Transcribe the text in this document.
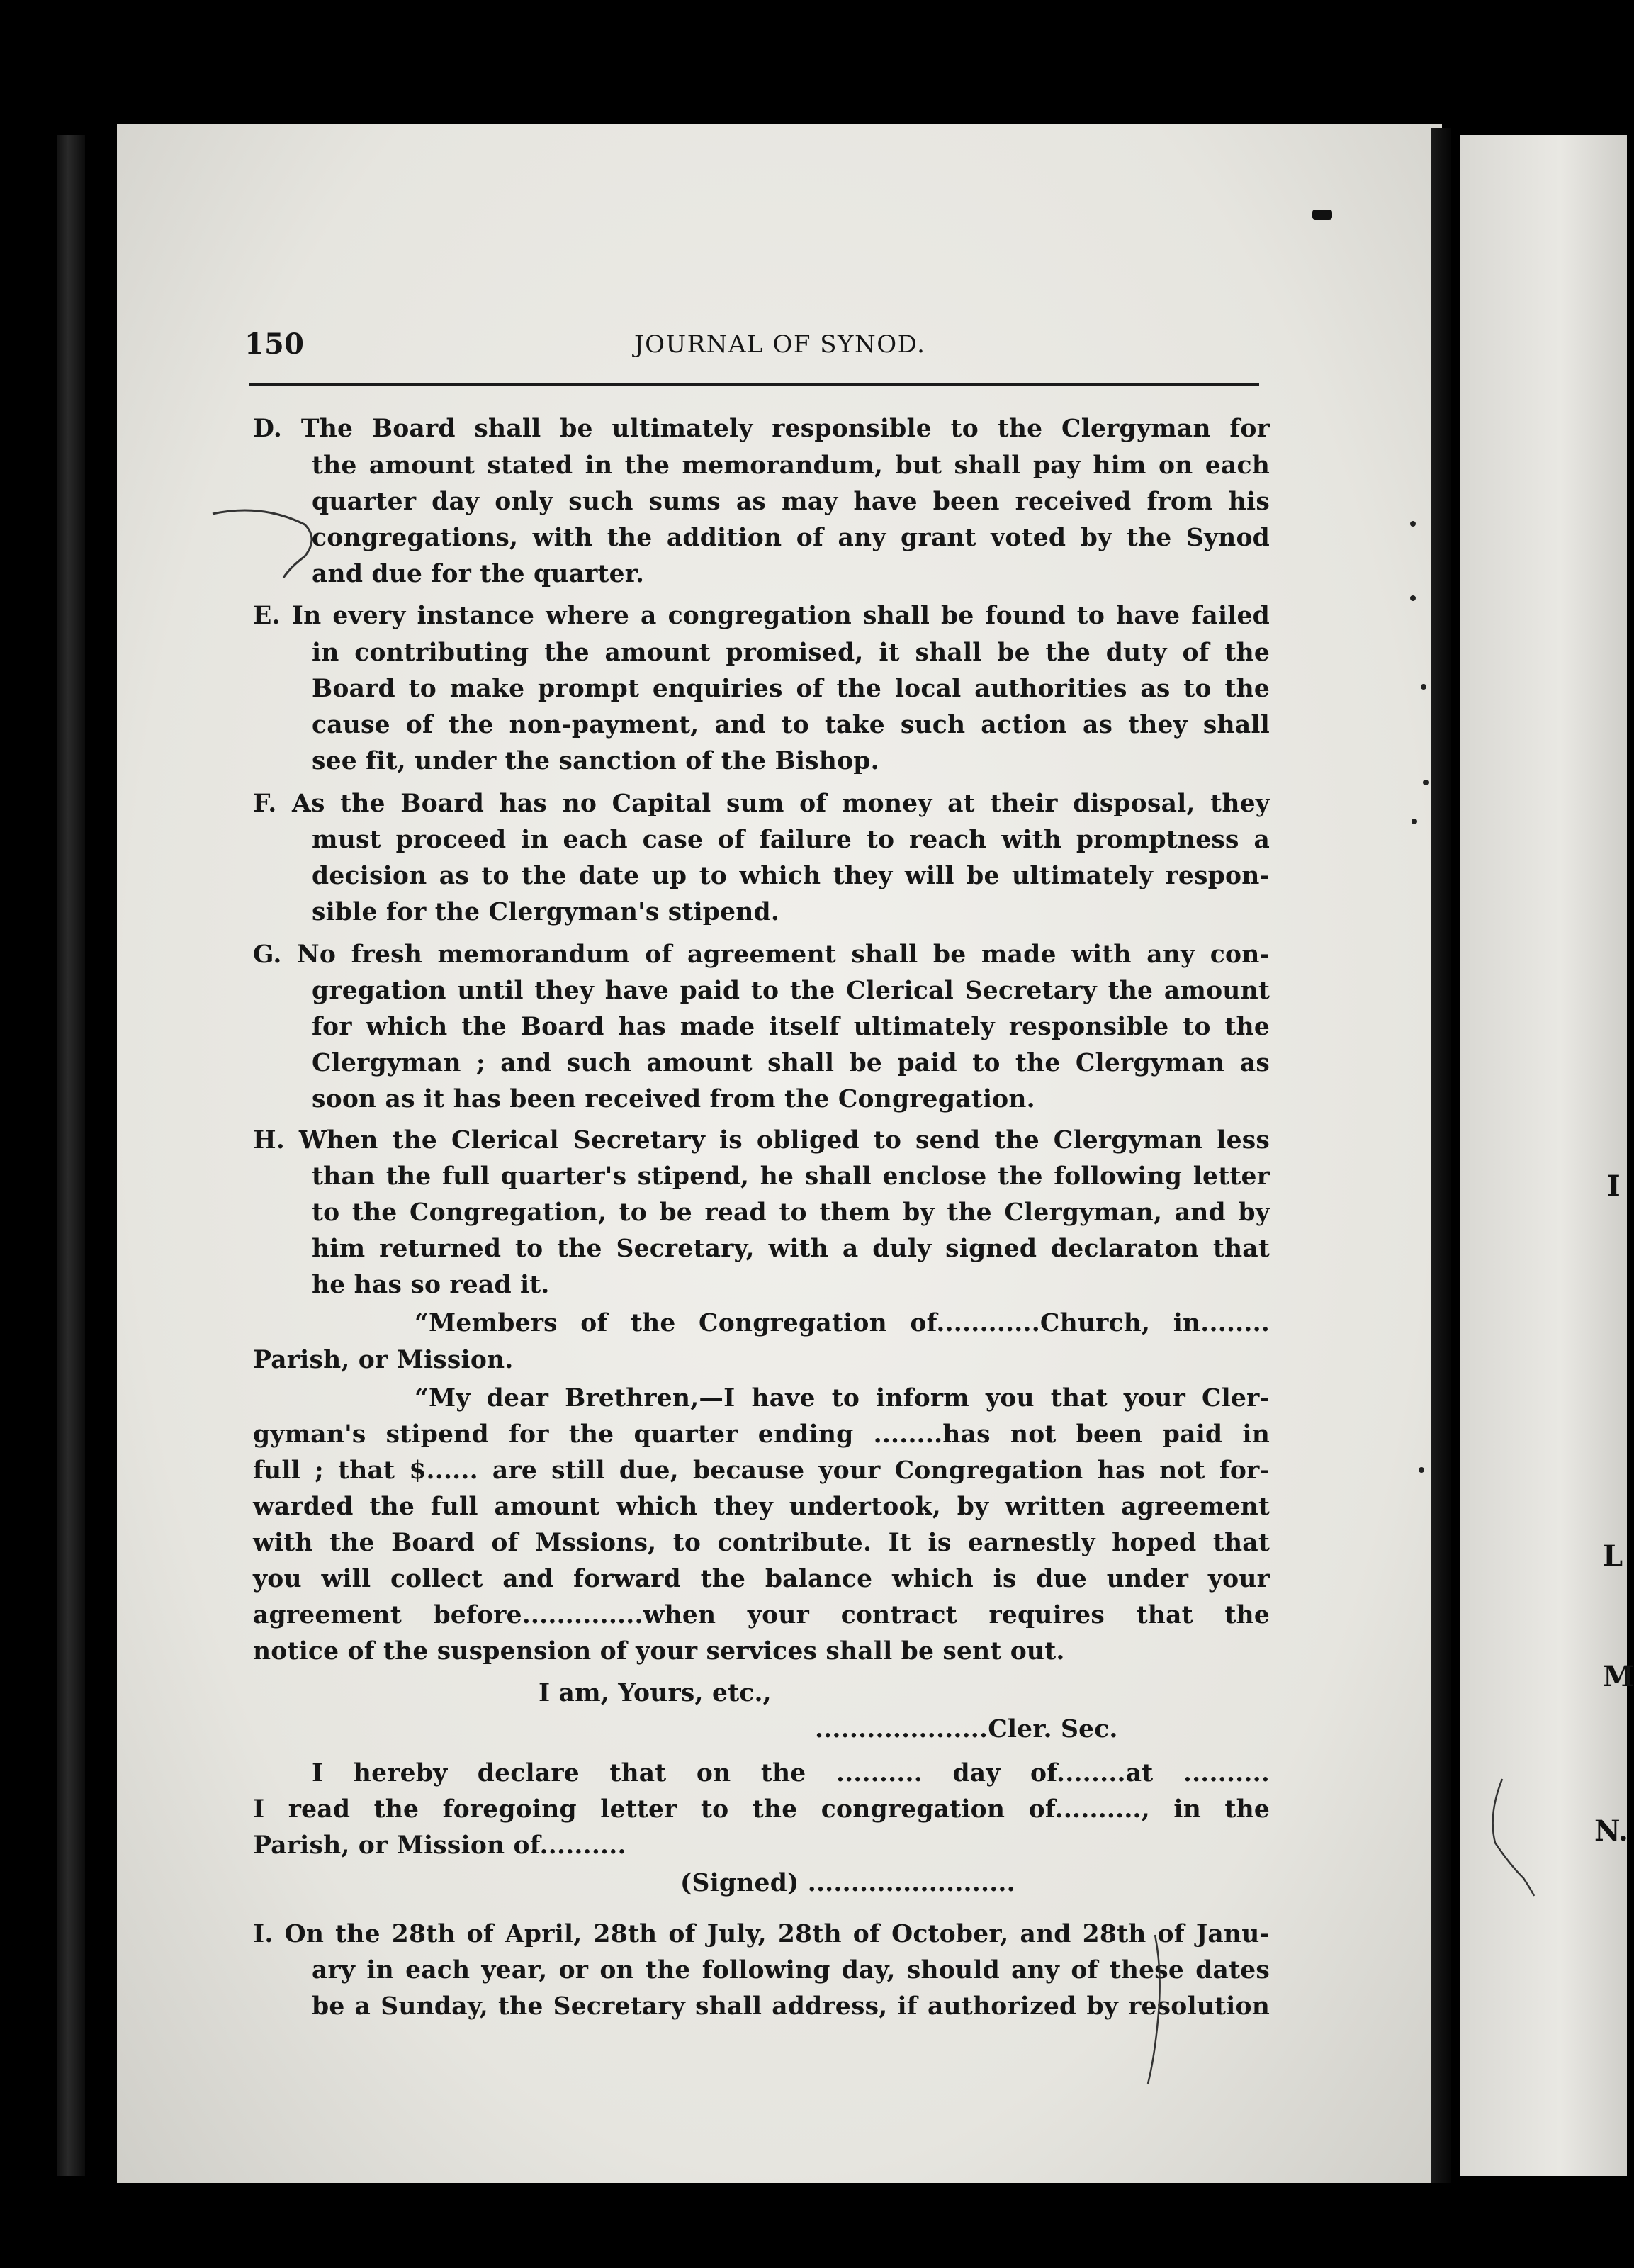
I
L
M
N.
150	JOURNAL OF SYNOD.
D. The Board shall be ultimately responsible to the Clergyman for
the amount stated in the memorandum, but shall pay him on each
quarter day only such sums as may have been received from his
congregations, with the addition of any grant voted by the Synod
and due for the quarter.
E. In every instance where a congregation shall be found to have failed
in contributing the amount promised, it shall be the duty of the
Board to make prompt enquiries of the local authorities as to the
cause of the non-payment, and to take such action as they shall
see fit, under the sanction of the Bishop.
F. As the Board has no Capital sum of money at their disposal, they
must proceed in each case of failure to reach with promptness a
decision as to the date up to which they will be ultimately respon-
sible for the Clergyman's stipend.
G. No fresh memorandum of agreement shall be made with any con-
gregation until they have paid to the Clerical Secretary the amount
for which the Board has made itself ultimately responsible to the
Clergyman ; and such amount shall be paid to the Clergyman as
soon as it has been received from the Congregation.
H. When the Clerical Secretary is obliged to send the Clergyman less
than the full quarter's stipend, he shall enclose the following letter
to the Congregation, to be read to them by the Clergyman, and by
him returned to the Secretary, with a duly signed declaraton that
he has so read it.
“Members of the Congregation of............Church, in........
Parish, or Mission.
“My dear Brethren,—I have to inform you that your Cler-
gyman's stipend for the quarter ending ........has not been paid in
full ; that $...... are still due, because your Congregation has not for-
warded the full amount which they undertook, by written agreement
with the Board of Mssions, to contribute. It is earnestly hoped that
you will collect and forward the balance which is due under your
agreement before..............when your contract requires that the
notice of the suspension of your services shall be sent out.
I am, Yours, etc.,
....................Cler. Sec.
I hereby declare that on the .......... day of........at ..........
I read the foregoing letter to the congregation of.........., in the
Parish, or Mission of..........
(Signed) ........................
I. On the 28th of April, 28th of July, 28th of October, and 28th of Janu-
ary in each year, or on the following day, should any of these dates
be a Sunday, the Secretary shall address, if authorized by resolution
